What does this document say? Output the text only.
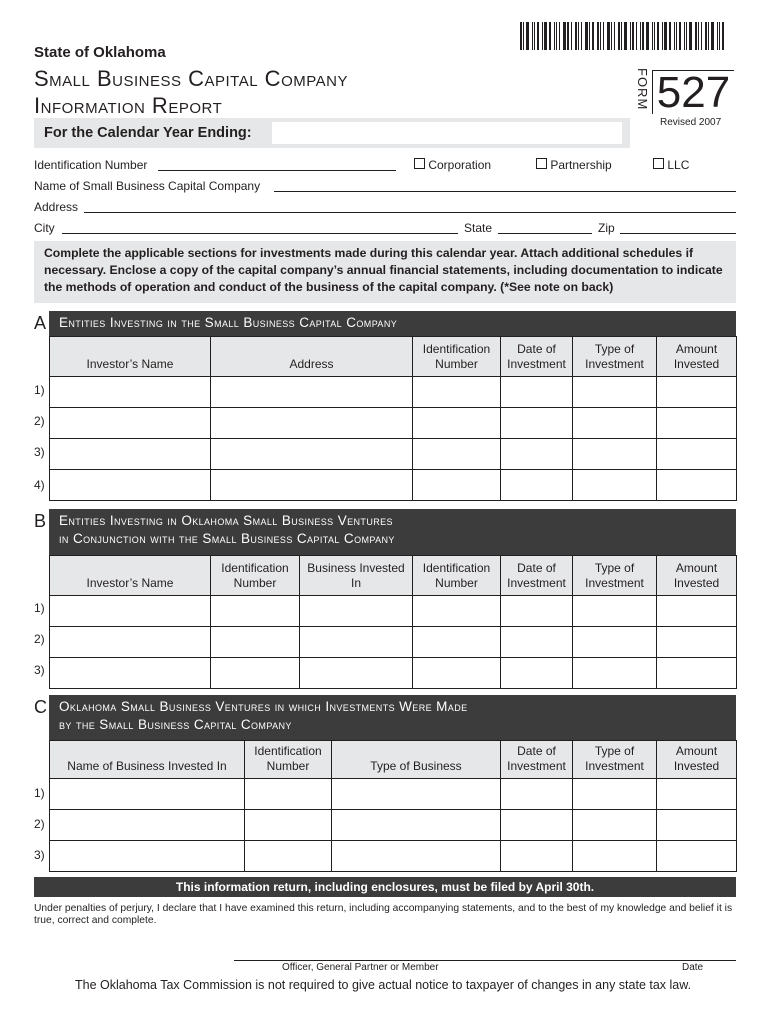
State of Oklahoma
Small Business Capital Company
Information Report	FORM 527
Revised 2007
For the Calendar Year Ending:
Identification Number	Corporation	Partnership	LLC
Name of Small Business Capital Company
Address
City	State	Zip
Complete the applicable sections for investments made during this calendar year. Attach additional schedules if necessary. Enclose a copy of the capital company’s annual financial statements, including documentation to indicate the methods of operation and conduct of the business of the capital company. (*See note on back)
A Entities Investing in the Small Business Capital Company
Investor’s Name	Address	Identification Number	Date of Investment	Type of Investment	Amount Invested

1)
2)
3)
4)
B Entities Investing in Oklahoma Small Business Ventures
in Conjunction with the Small Business Capital Company
Investor’s Name	Identification Number	Business Invested In	Identification Number	Date of Investment	Type of Investment	Amount Invested

1)
2)
3)
C Oklahoma Small Business Ventures in which Investments Were Made
by the Small Business Capital Company
Name of Business Invested In	Identification Number	Type of Business	Date of Investment	Type of Investment	Amount Invested

1)
2)
3)
This information return, including enclosures, must be filed by April 30th.
Under penalties of perjury, I declare that I have examined this return, including accompanying statements, and to the best of my knowledge and belief it is true, correct and complete.
Officer, General Partner or Member	Date
The Oklahoma Tax Commission is not required to give actual notice to taxpayer of changes in any state tax law.
